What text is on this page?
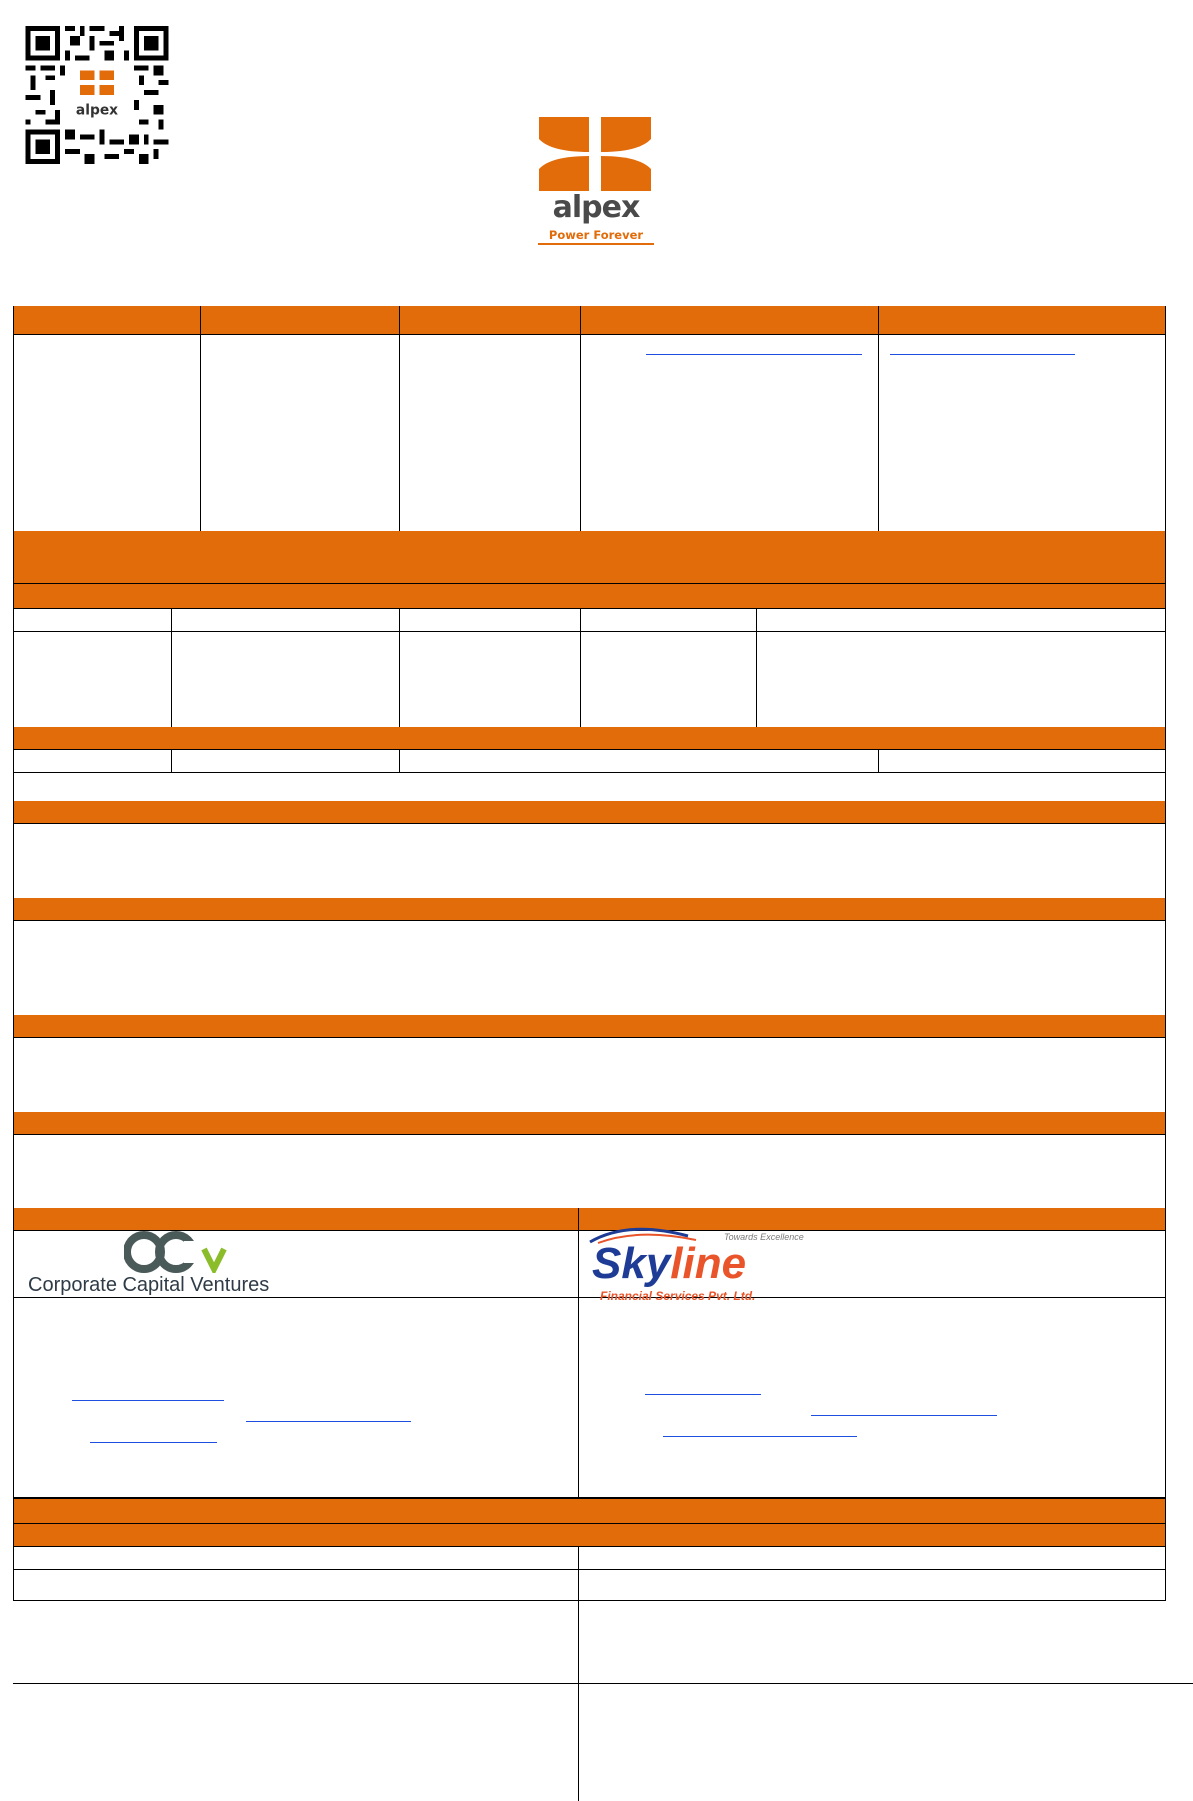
alpex
alpex
Power Forever
Corporate Capital Ventures
Towards Excellence
Skyline
Financial Services Pvt. Ltd.
